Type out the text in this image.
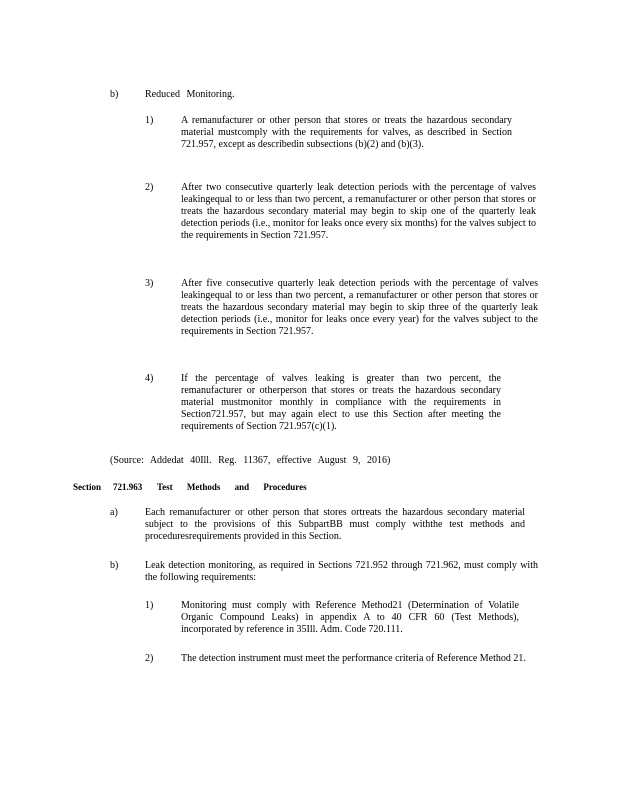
b)	Reduced Monitoring.
1)	A remanufacturer or other person that stores or treats the hazardous secondary material mustcomply with the requirements for valves, as described in Section 721.957, except as describedin subsections (b)(2) and (b)(3).
2)	After two consecutive quarterly leak detection periods with the percentage of valves leakingequal to or less than two percent, a remanufacturer or other person that stores or treats the hazardous secondary material may begin to skip one of the quarterly leak detection periods (i.e., monitor for leaks once every six months) for the valves subject to the requirements in Section 721.957.
3)	After five consecutive quarterly leak detection periods with the percentage of valves leakingequal to or less than two percent, a remanufacturer or other person that stores or treats the hazardous secondary material may begin to skip three of the quarterly leak detection periods (i.e., monitor for leaks once every year) for the valves subject to the requirements in Section 721.957.
4)	If the percentage of valves leaking is greater than two percent, the remanufacturer or otherperson that stores or treats the hazardous secondary material mustmonitor monthly in compliance with the requirements in Section721.957, but may again elect to use this Section after meeting the requirements of Section 721.957(c)(1).
(Source: Addedat 40Ill. Reg. 11367, effective August 9, 2016)
Section 721.963 Test Methods and Procedures
a)	Each remanufacturer or other person that stores ortreats the hazardous secondary material subject to the provisions of this SubpartBB must comply withthe test methods and proceduresrequirements provided in this Section.
b)	Leak detection monitoring, as required in Sections 721.952 through 721.962, must comply with the following requirements:
1)	Monitoring must comply with Reference Method21 (Determination of Volatile Organic Compound Leaks) in appendix A to 40 CFR 60 (Test Methods), incorporated by reference in 35Ill. Adm. Code 720.111.
2)	The detection instrument must meet the performance criteria of Reference Method 21.
